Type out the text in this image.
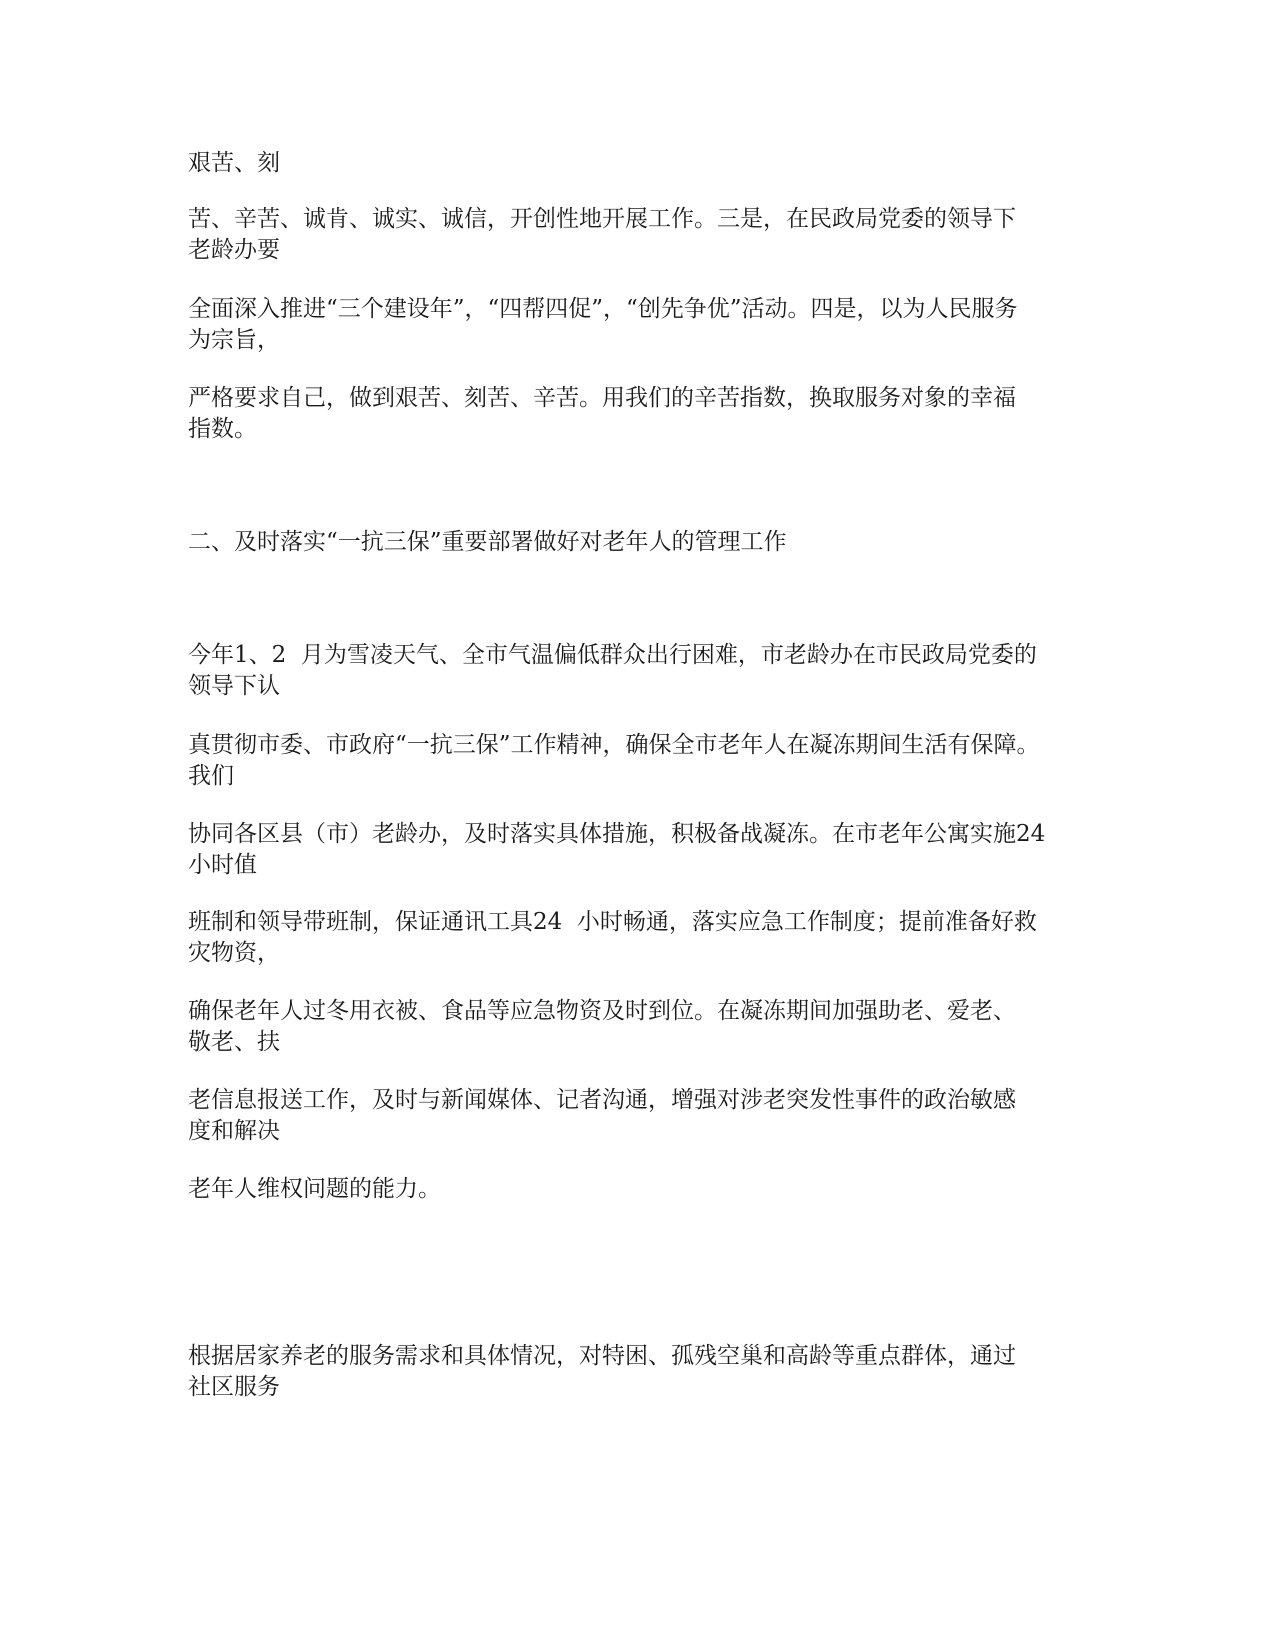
艰苦、刻

苦、辛苦、诚肯、诚实、诚信，开创性地开展工作。三是，在民政局党委的领导下
老龄办要

全面深入推进“三个建设年”，“四帮四促”，“创先争优”活动。四是，以为人民服务
为宗旨，

严格要求自己，做到艰苦、刻苦、辛苦。用我们的辛苦指数，换取服务对象的幸福
指数。

二、及时落实“一抗三保”重要部署做好对老年人的管理工作

今年1、2  月为雪凌天气、全市气温偏低群众出行困难，市老龄办在市民政局党委的
领导下认

真贯彻市委、市政府“一抗三保”工作精神，确保全市老年人在凝冻期间生活有保障。
我们

协同各区县（市）老龄办，及时落实具体措施，积极备战凝冻。在市老年公寓实施24
小时值

班制和领导带班制，保证通讯工具24  小时畅通，落实应急工作制度；提前准备好救
灾物资，

确保老年人过冬用衣被、食品等应急物资及时到位。在凝冻期间加强助老、爱老、
敬老、扶

老信息报送工作，及时与新闻媒体、记者沟通，增强对涉老突发性事件的政治敏感
度和解决

老年人维权问题的能力。

根据居家养老的服务需求和具体情况，对特困、孤残空巢和高龄等重点群体，通过
社区服务
